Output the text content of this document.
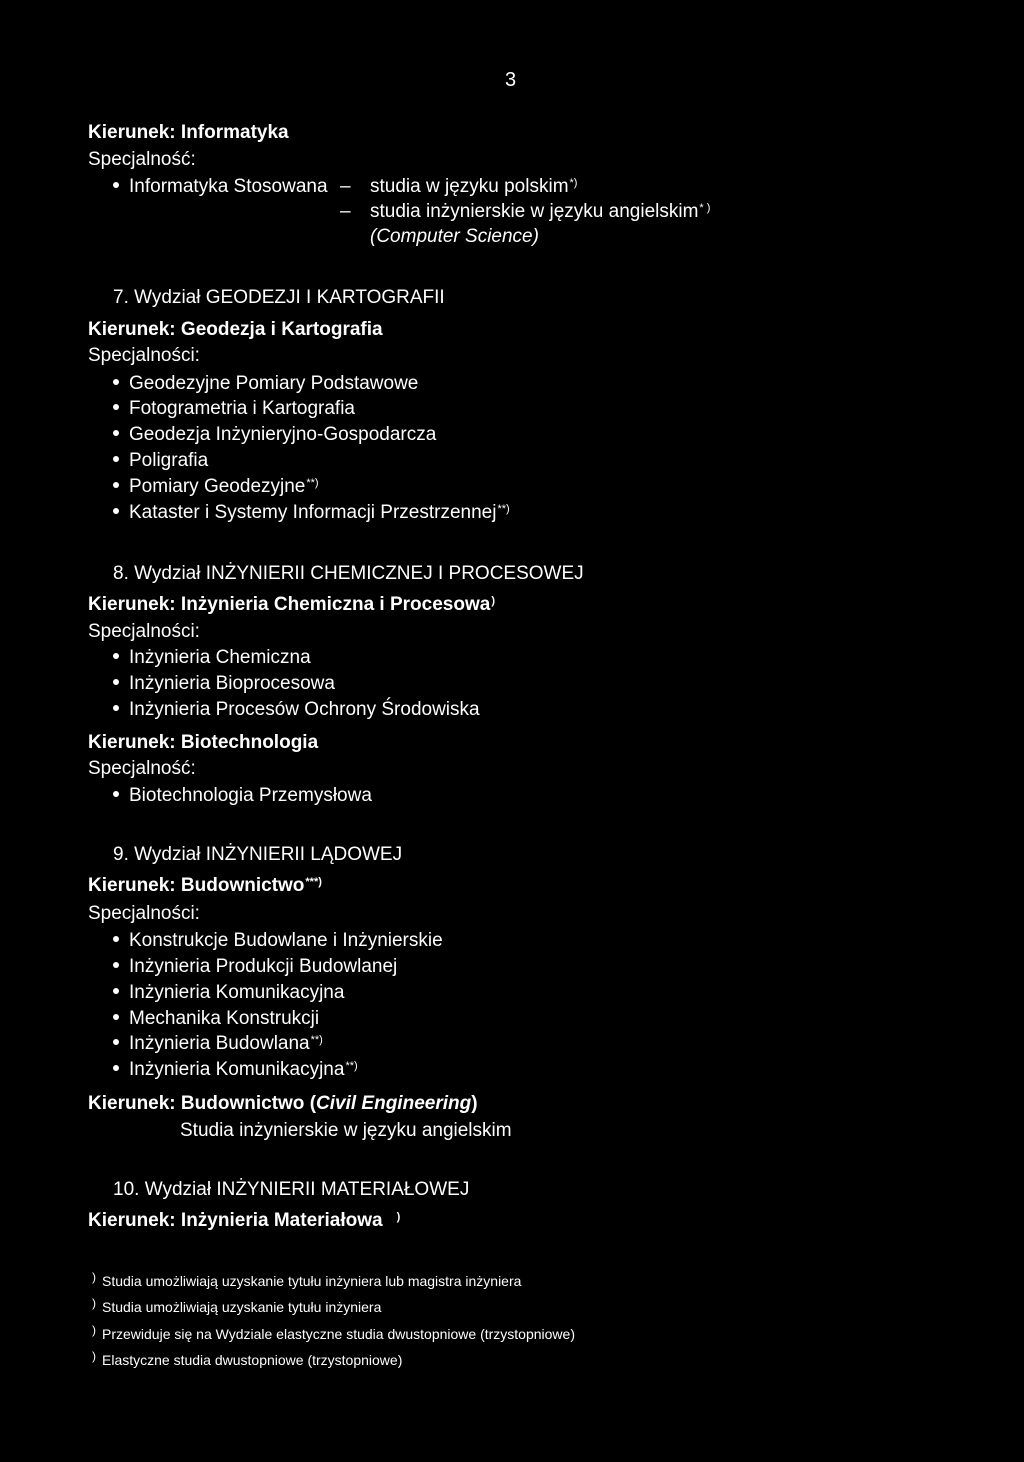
3
Kierunek: Informatyka
Specjalność:
Informatyka Stosowana – studia w języku polskim*)
– studia inżynierskie w języku angielskim* )
(Computer Science)
7. Wydział GEODEZJI I KARTOGRAFII
Kierunek: Geodezja i Kartografia
Specjalności:
Geodezyjne Pomiary Podstawowe
Fotogrametria i Kartografia
Geodezja Inżynieryjno-Gospodarcza
Poligrafia
Pomiary Geodezyjne**)
Kataster i Systemy Informacji Przestrzennej**)
8. Wydział INŻYNIERII CHEMICZNEJ I PROCESOWEJ
Kierunek: Inżynieria Chemiczna i Procesowa)
Specjalności:
Inżynieria Chemiczna
Inżynieria Bioprocesowa
Inżynieria Procesów Ochrony Środowiska
Kierunek: Biotechnologia
Specjalność:
Biotechnologia Przemysłowa
9. Wydział INŻYNIERII LĄDOWEJ
Kierunek: Budownictwo***)
Specjalności:
Konstrukcje Budowlane i Inżynierskie
Inżynieria Produkcji Budowlanej
Inżynieria Komunikacyjna
Mechanika Konstrukcji
Inżynieria Budowlana**)
Inżynieria Komunikacyjna**)
Kierunek: Budownictwo (Civil Engineering)
Studia inżynierskie w języku angielskim
10. Wydział INŻYNIERII MATERIAŁOWEJ
Kierunek: Inżynieria Materiałowa )
) Studia umożliwiają uzyskanie tytułu inżyniera lub magistra inżyniera
) Studia umożliwiają uzyskanie tytułu inżyniera
) Przewiduje się na Wydziale elastyczne studia dwustopniowe (trzystopniowe)
) Elastyczne studia dwustopniowe (trzystopniowe)
